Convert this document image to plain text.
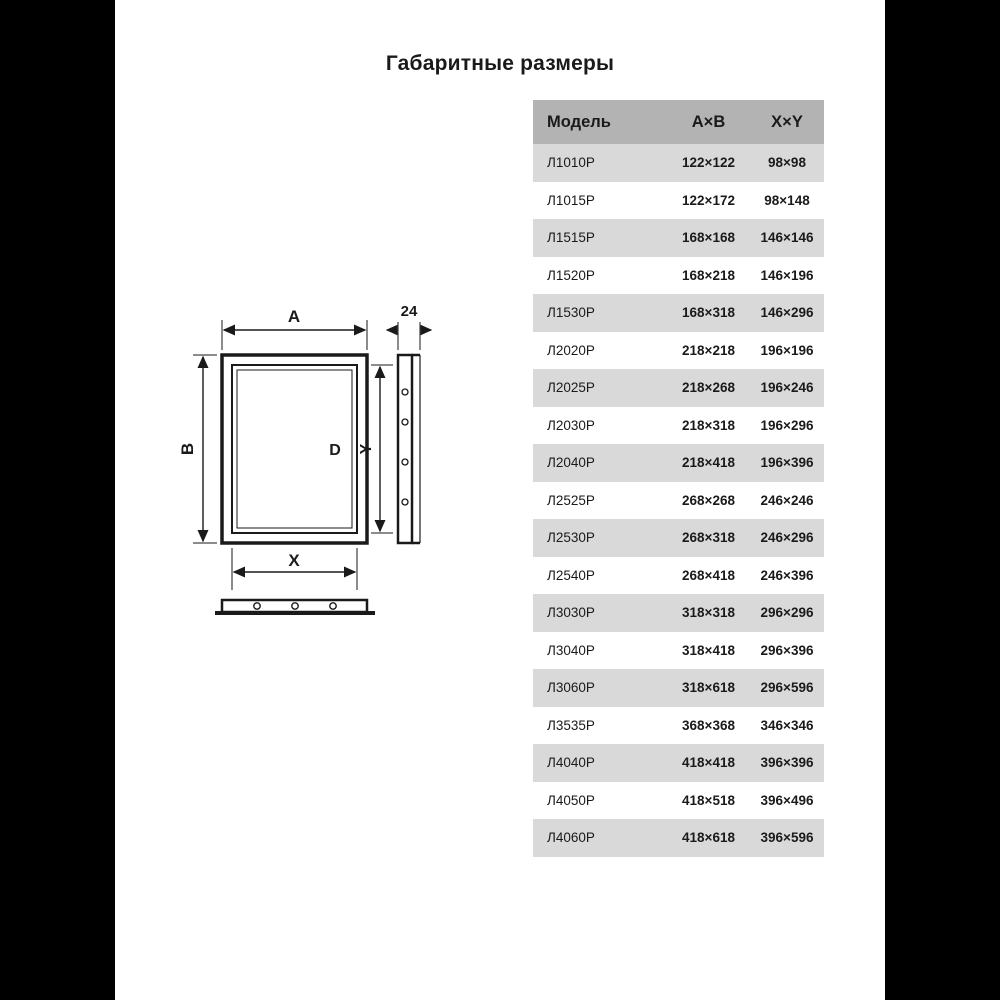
Габаритные размеры
A	24
B	D
X
Y
Модель	A×B	X×Y
Л1010Р	122×122	98×98
Л1015Р	122×172	98×148
Л1515Р	168×168	146×146
Л1520Р	168×218	146×196
Л1530Р	168×318	146×296
Л2020Р	218×218	196×196
Л2025Р	218×268	196×246
Л2030Р	218×318	196×296
Л2040Р	218×418	196×396
Л2525Р	268×268	246×246
Л2530Р	268×318	246×296
Л2540Р	268×418	246×396
Л3030Р	318×318	296×296
Л3040Р	318×418	296×396
Л3060Р	318×618	296×596
Л3535Р	368×368	346×346
Л4040Р	418×418	396×396
Л4050Р	418×518	396×496
Л4060Р	418×618	396×596
